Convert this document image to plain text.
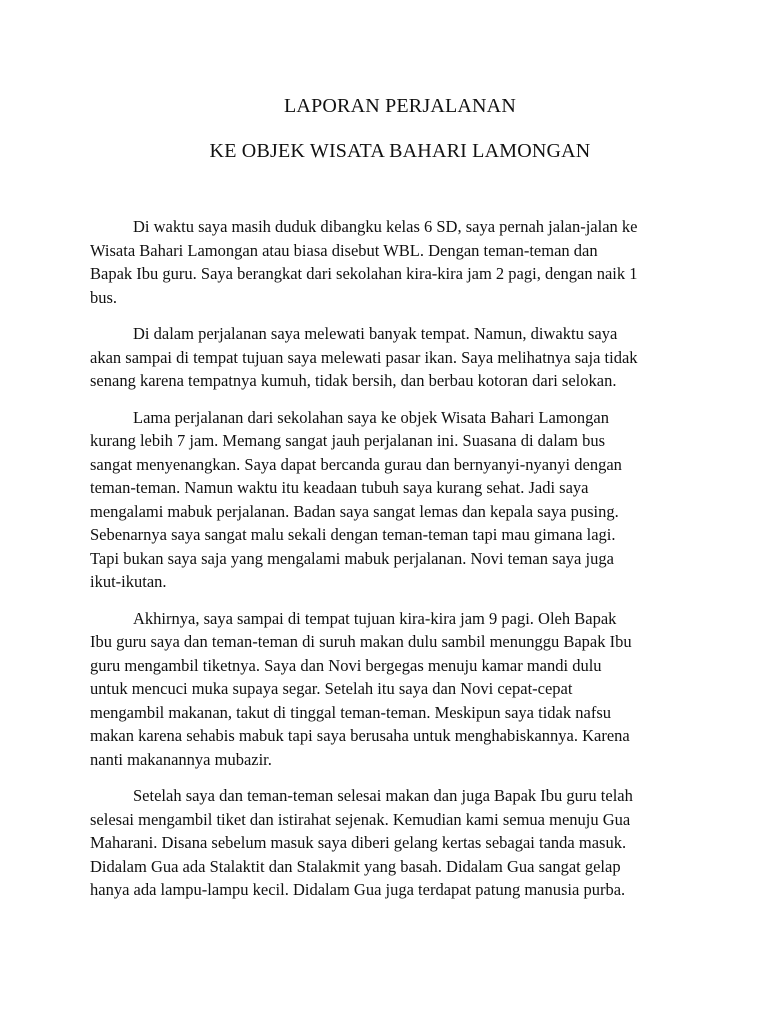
LAPORAN PERJALANAN
KE OBJEK WISATA BAHARI LAMONGAN

Di waktu saya masih duduk dibangku kelas 6 SD, saya pernah jalan-jalan ke
Wisata Bahari Lamongan atau biasa disebut WBL. Dengan teman-teman dan
Bapak Ibu guru. Saya berangkat dari sekolahan kira-kira jam 2 pagi, dengan naik 1
bus.

Di dalam perjalanan saya melewati banyak tempat. Namun, diwaktu saya
akan sampai di tempat tujuan saya melewati pasar ikan. Saya melihatnya saja tidak
senang karena tempatnya kumuh, tidak bersih, dan berbau kotoran dari selokan.

Lama perjalanan dari sekolahan saya ke objek Wisata Bahari Lamongan
kurang lebih 7 jam. Memang sangat jauh perjalanan ini. Suasana di dalam bus
sangat menyenangkan. Saya dapat bercanda gurau dan bernyanyi-nyanyi dengan
teman-teman. Namun waktu itu keadaan tubuh saya kurang sehat. Jadi saya
mengalami mabuk perjalanan. Badan saya sangat lemas dan kepala saya pusing.
Sebenarnya saya sangat malu sekali dengan teman-teman tapi mau gimana lagi.
Tapi bukan saya saja yang mengalami mabuk perjalanan. Novi teman saya juga
ikut-ikutan.

Akhirnya, saya sampai di tempat tujuan kira-kira jam 9 pagi. Oleh Bapak
Ibu guru saya dan teman-teman di suruh makan dulu sambil menunggu Bapak Ibu
guru mengambil tiketnya. Saya dan Novi bergegas menuju kamar mandi dulu
untuk mencuci muka supaya segar. Setelah itu saya dan Novi cepat-cepat
mengambil makanan, takut di tinggal teman-teman. Meskipun saya tidak nafsu
makan karena sehabis mabuk tapi saya berusaha untuk menghabiskannya. Karena
nanti makanannya mubazir.

Setelah saya dan teman-teman selesai makan dan juga Bapak Ibu guru telah
selesai mengambil tiket dan istirahat sejenak. Kemudian kami semua menuju Gua
Maharani. Disana sebelum masuk saya diberi gelang kertas sebagai tanda masuk.
Didalam Gua ada Stalaktit dan Stalakmit yang basah. Didalam Gua sangat gelap
hanya ada lampu-lampu kecil. Didalam Gua juga terdapat patung manusia purba.
